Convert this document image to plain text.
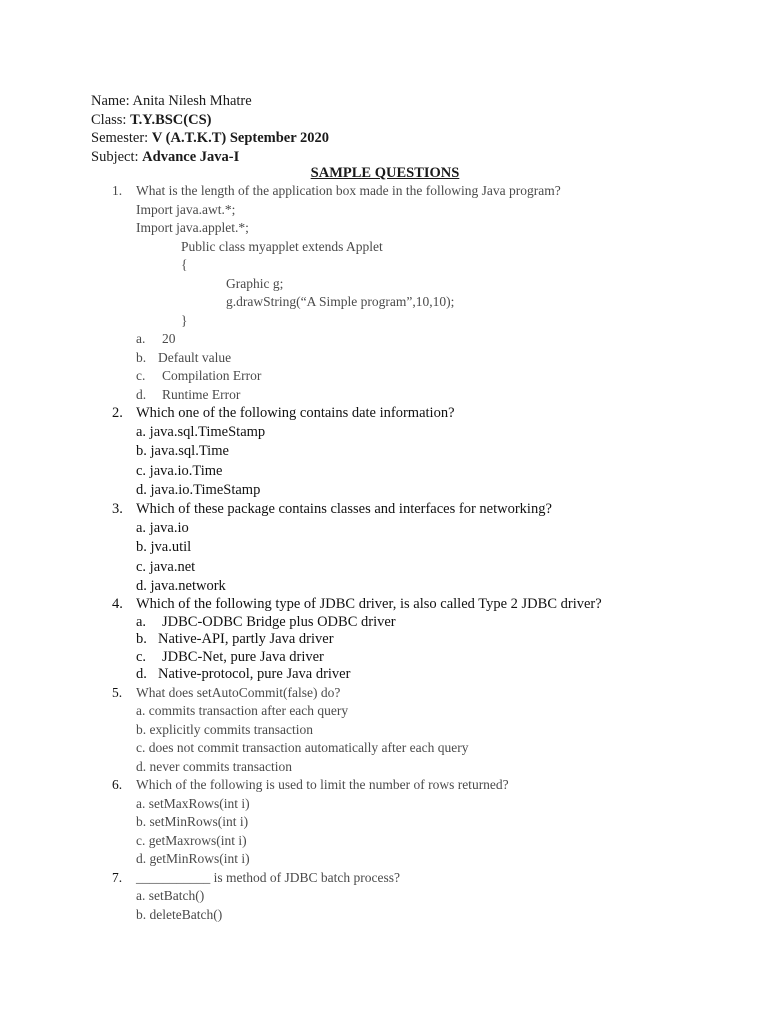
Name: Anita Nilesh Mhatre
Class: T.Y.BSC(CS)
Semester: V (A.T.K.T) September 2020
Subject: Advance Java-I
SAMPLE QUESTIONS
1.	What is the length of the application box made in the following Java program?
Import java.awt.*;
Import java.applet.*;
Public class myapplet extends Applet
{
Graphic g;
g.drawString(“A Simple program”,10,10);
}
a. 20
b. Default value
c. Compilation Error
d. Runtime Error
2. Which one of the following contains date information?
a. java.sql.TimeStamp
b. java.sql.Time
c. java.io.Time
d. java.io.TimeStamp
3. Which of these package contains classes and interfaces for networking?
a. java.io
b. jva.util
c. java.net
d. java.network
4. Which of the following type of JDBC driver, is also called Type 2 JDBC driver?
a. JDBC-ODBC Bridge plus ODBC driver
b. Native-API, partly Java driver
c. JDBC-Net, pure Java driver
d. Native-protocol, pure Java driver
5.	What does setAutoCommit(false) do?
a. commits transaction after each query
b. explicitly commits transaction
c. does not commit transaction automatically after each query
d. never commits transaction
6.	Which of the following is used to limit the number of rows returned?
a. setMaxRows(int i)
b. setMinRows(int i)
c. getMaxrows(int i)
d. getMinRows(int i)
7.	___________ is method of JDBC batch process?
a. setBatch()
b. deleteBatch()
